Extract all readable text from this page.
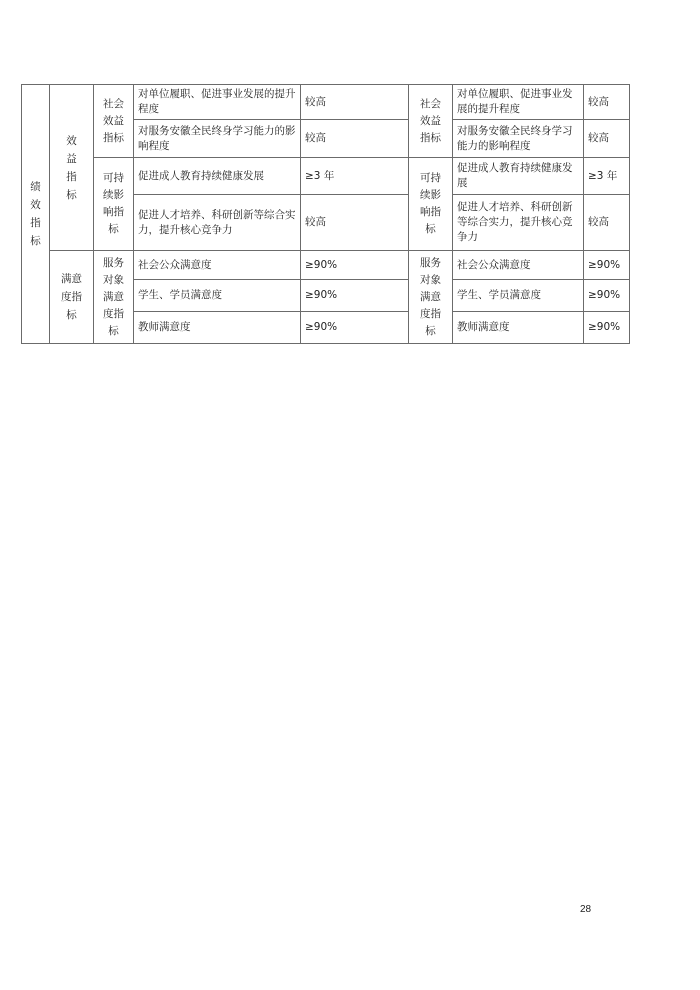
绩效指标	效益指标	社会效益指标	对单位履职、促进事业发展的提升程度	较高	社会效益指标	对单位履职、促进事业发展的提升程度	较高
			对服务安徽全民终身学习能力的影响程度	较高		对服务安徽全民终身学习能力的影响程度	较高
		可持续影响指标	促进成人教育持续健康发展	≥3 年	可持续影响指标	促进成人教育持续健康发展	≥3 年
			促进人才培养、科研创新等综合实力，提升核心竞争力	较高		促进人才培养、科研创新等综合实力，提升核心竞争力	较高
	满意度指标	服务对象满意度指标	社会公众满意度	≥90%	服务对象满意度指标	社会公众满意度	≥90%
			学生、学员满意度	≥90%		学生、学员满意度	≥90%
			教师满意度	≥90%		教师满意度	≥90%
28
